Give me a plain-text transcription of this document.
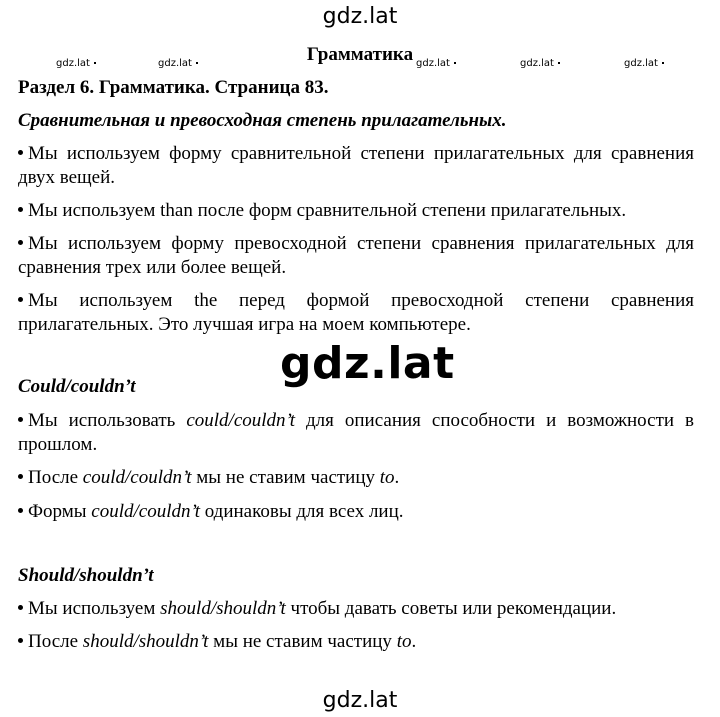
gdz.lat
gdz.lat	gdz.lat	gdz.lat	gdz.lat	gdz.lat
Грамматика
Раздел 6. Грамматика. Страница 83.
Сравнительная и превосходная степень прилагательных.
Мы используем форму сравнительной степени прилагательных для сравнения двух вещей.
Мы используем than после форм сравнительной степени прилагательных.
Мы используем форму превосходной степени сравнения прилагательных для сравнения трех или более вещей.
Мы используем the перед формой превосходной степени сравнения прилагательных. Это лучшая игра на моем компьютере.
gdz.lat
Could/couldn’t
Мы использовать could/couldn’t для описания способности и возможности в прошлом.
После could/couldn’t мы не ставим частицу to.
Формы could/couldn’t одинаковы для всех лиц.
Should/shouldn’t
Мы используем should/shouldn’t чтобы давать советы или рекомендации.
После should/shouldn’t мы не ставим частицу to.
gdz.lat
